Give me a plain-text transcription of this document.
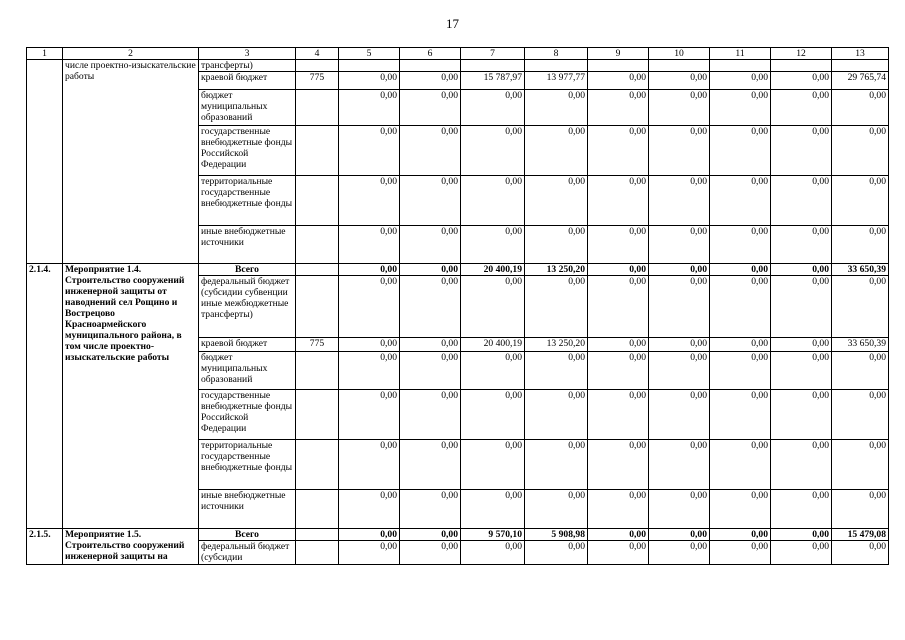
17
1	2	3	4	5	6	7	8	9	10	11	12	13
	числе проектно-изыскательские работы	трансферты)										
		краевой бюджет	775	0,00	0,00	15 787,97	13 977,77	0,00	0,00	0,00	0,00	29 765,74
		бюджет муниципальных образований		0,00	0,00	0,00	0,00	0,00	0,00	0,00	0,00	0,00
		государственные внебюджетные фонды Российской Федерации		0,00	0,00	0,00	0,00	0,00	0,00	0,00	0,00	0,00
		территориальные государственные внебюджетные фонды		0,00	0,00	0,00	0,00	0,00	0,00	0,00	0,00	0,00
		иные внебюджетные источники		0,00	0,00	0,00	0,00	0,00	0,00	0,00	0,00	0,00
2.1.4.	Мероприятие 1.4. Строительство сооружений инженерной защиты от наводнений сел Рощино и Вострецово Красноармейского муниципального района, в том числе проектно-изыскательские работы	Всего		0,00	0,00	20 400,19	13 250,20	0,00	0,00	0,00	0,00	33 650,39
		федеральный бюджет (субсидии субвенции иные межбюджетные трансферты)		0,00	0,00	0,00	0,00	0,00	0,00	0,00	0,00	0,00
		краевой бюджет	775	0,00	0,00	20 400,19	13 250,20	0,00	0,00	0,00	0,00	33 650,39
		бюджет муниципальных образований		0,00	0,00	0,00	0,00	0,00	0,00	0,00	0,00	0,00
		государственные внебюджетные фонды Российской Федерации		0,00	0,00	0,00	0,00	0,00	0,00	0,00	0,00	0,00
		территориальные государственные внебюджетные фонды		0,00	0,00	0,00	0,00	0,00	0,00	0,00	0,00	0,00
		иные внебюджетные источники		0,00	0,00	0,00	0,00	0,00	0,00	0,00	0,00	0,00
2.1.5.	Мероприятие 1.5. Строительство сооружений инженерной защиты на	Всего		0,00	0,00	9 570,10	5 908,98	0,00	0,00	0,00	0,00	15 479,08
		федеральный бюджет (субсидии		0,00	0,00	0,00	0,00	0,00	0,00	0,00	0,00	0,00
